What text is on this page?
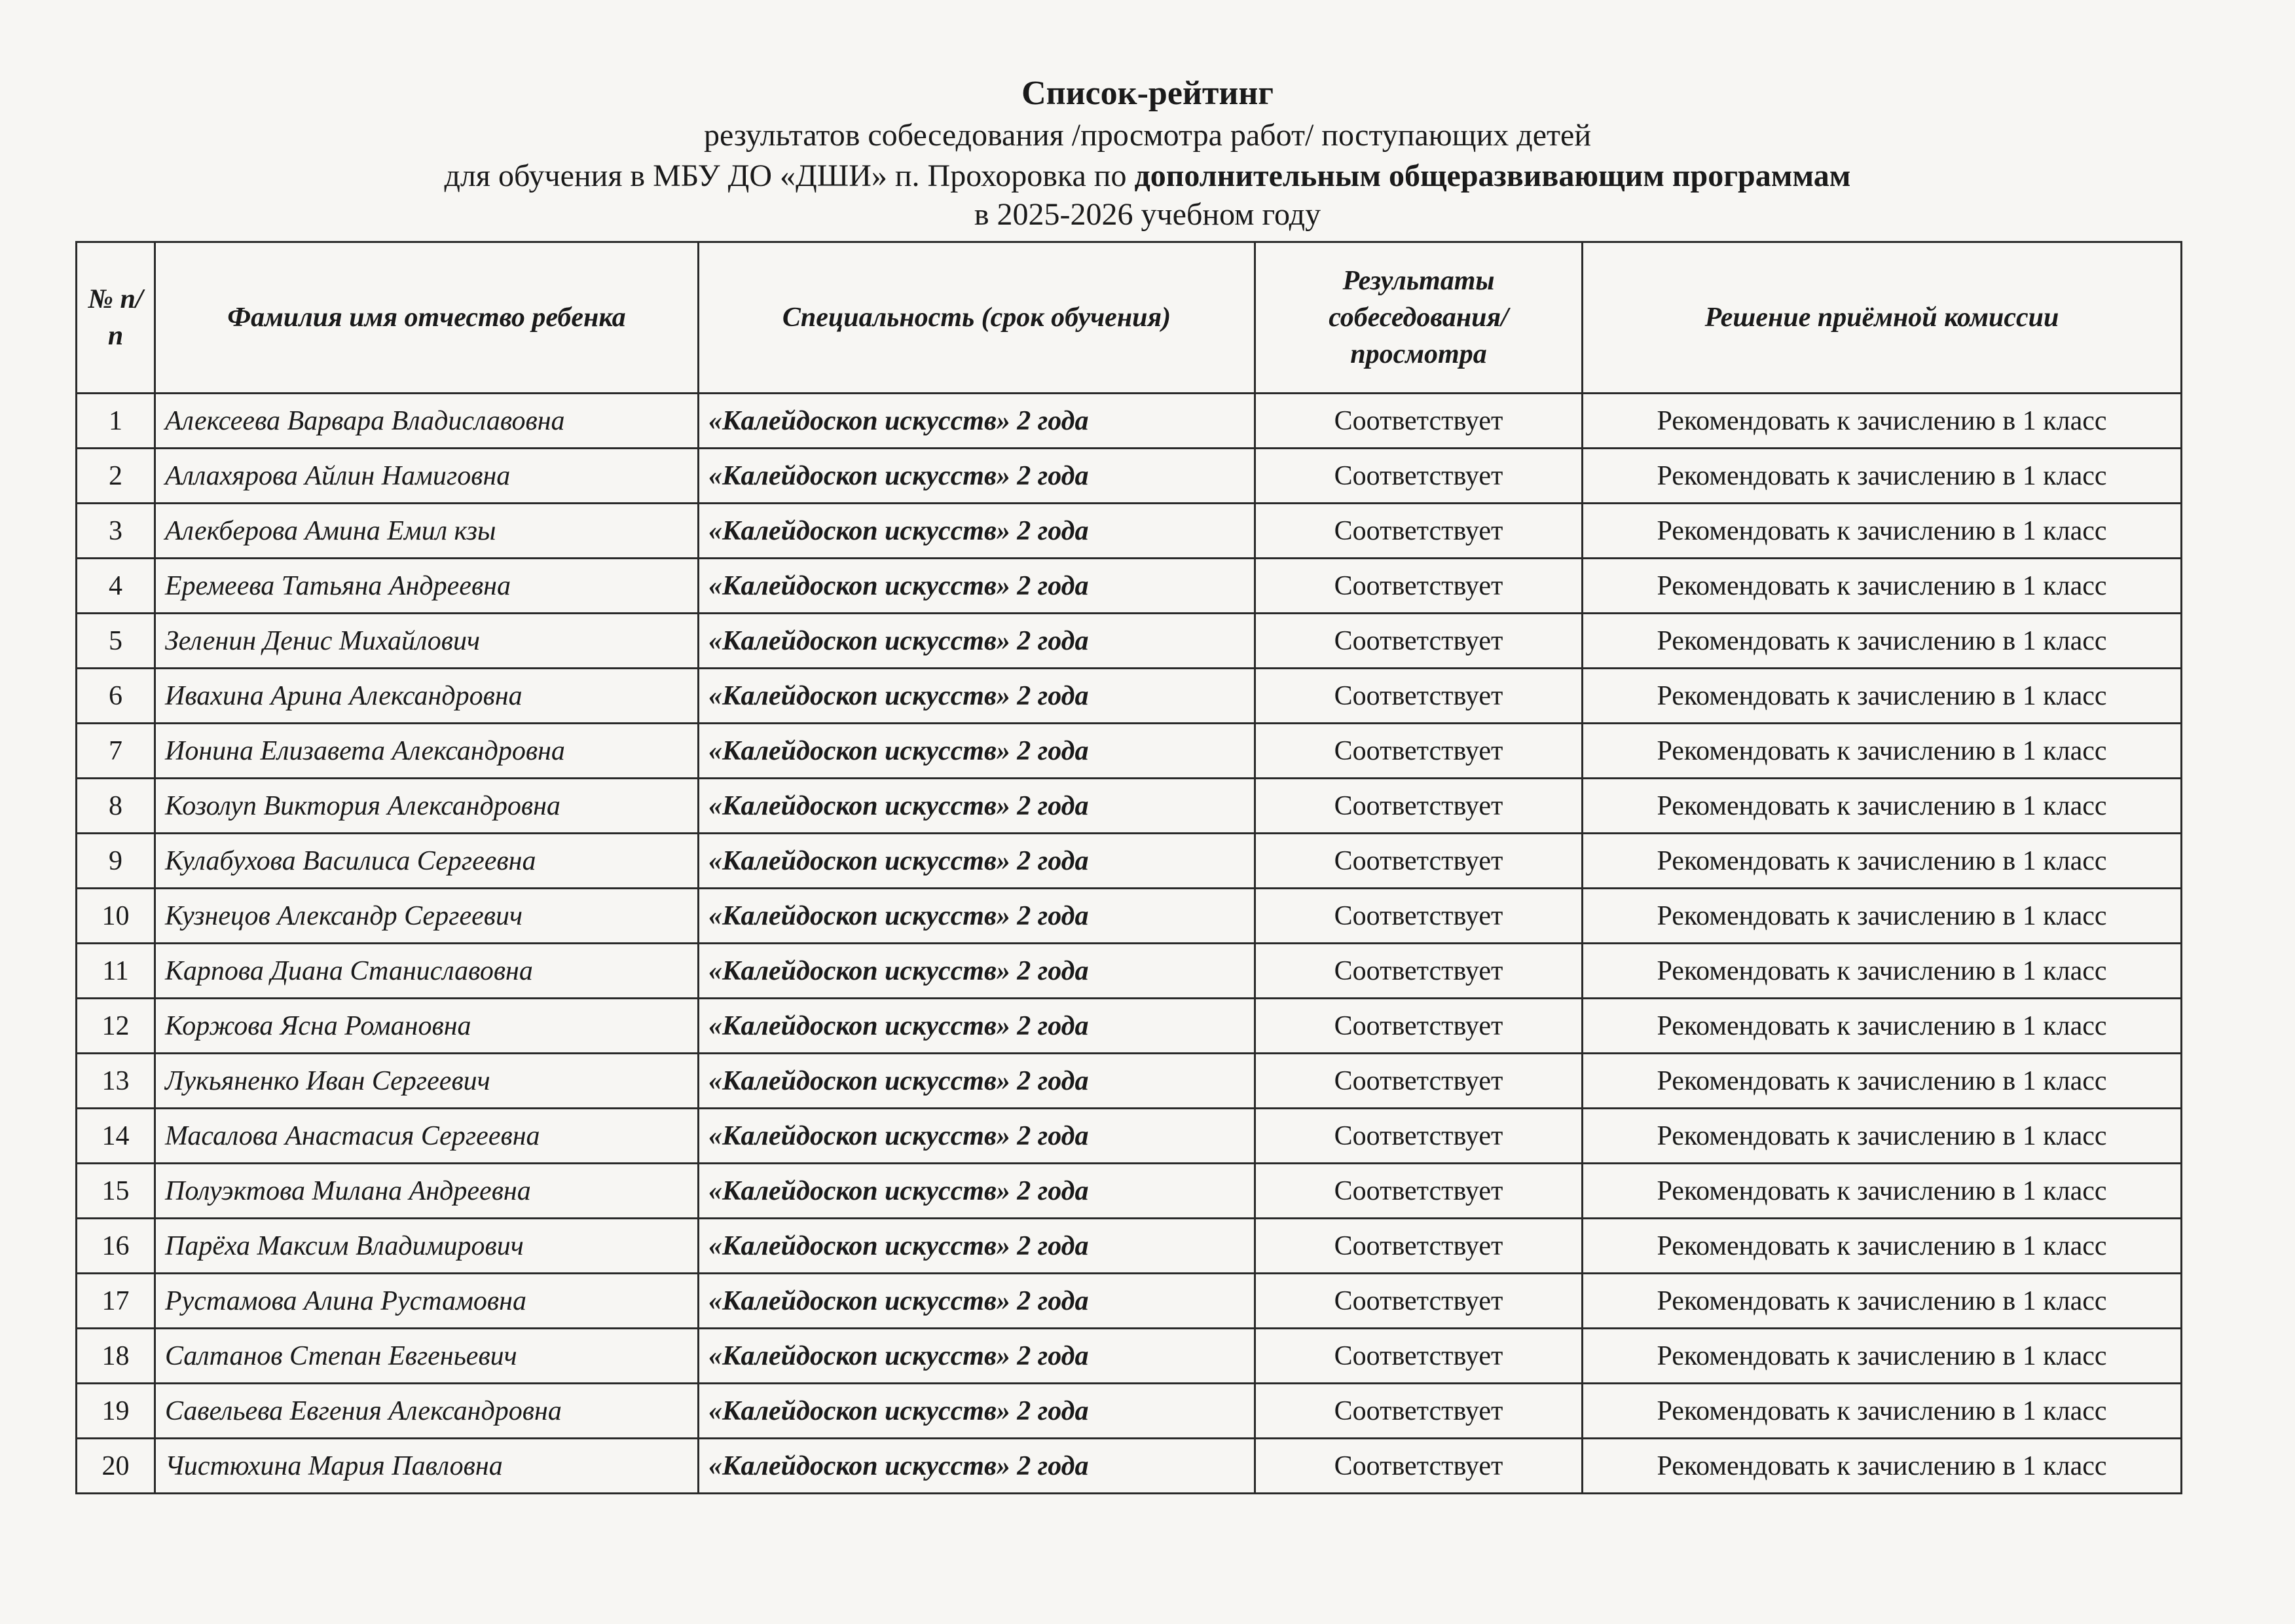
Список-рейтинг

результатов собеседования /просмотра работ/ поступающих детей

для обучения в МБУ ДО «ДШИ» п. Прохоровка по дополнительным общеразвивающим программам

в 2025-2026 учебном году

№ п/п	Фамилия имя отчество ребенка	Специальность (срок обучения)	Результаты собеседования/ просмотра	Решение приёмной комиссии
1	Алексеева Варвара Владиславовна	«Калейдоскоп искусств» 2 года	Соответствует	Рекомендовать к зачислению в 1 класс
2	Аллахярова Айлин Намиговна	«Калейдоскоп искусств» 2 года	Соответствует	Рекомендовать к зачислению в 1 класс
3	Алекберова Амина Емил кзы	«Калейдоскоп искусств» 2 года	Соответствует	Рекомендовать к зачислению в 1 класс
4	Еремеева Татьяна Андреевна	«Калейдоскоп искусств» 2 года	Соответствует	Рекомендовать к зачислению в 1 класс
5	Зеленин Денис Михайлович	«Калейдоскоп искусств» 2 года	Соответствует	Рекомендовать к зачислению в 1 класс
6	Ивахина Арина Александровна	«Калейдоскоп искусств» 2 года	Соответствует	Рекомендовать к зачислению в 1 класс
7	Ионина Елизавета Александровна	«Калейдоскоп искусств» 2 года	Соответствует	Рекомендовать к зачислению в 1 класс
8	Козолуп Виктория Александровна	«Калейдоскоп искусств» 2 года	Соответствует	Рекомендовать к зачислению в 1 класс
9	Кулабухова Василиса Сергеевна	«Калейдоскоп искусств» 2 года	Соответствует	Рекомендовать к зачислению в 1 класс
10	Кузнецов Александр Сергеевич	«Калейдоскоп искусств» 2 года	Соответствует	Рекомендовать к зачислению в 1 класс
11	Карпова Диана Станиславовна	«Калейдоскоп искусств» 2 года	Соответствует	Рекомендовать к зачислению в 1 класс
12	Коржова Ясна Романовна	«Калейдоскоп искусств» 2 года	Соответствует	Рекомендовать к зачислению в 1 класс
13	Лукьяненко Иван Сергеевич	«Калейдоскоп искусств» 2 года	Соответствует	Рекомендовать к зачислению в 1 класс
14	Масалова Анастасия Сергеевна	«Калейдоскоп искусств» 2 года	Соответствует	Рекомендовать к зачислению в 1 класс
15	Полуэктова Милана Андреевна	«Калейдоскоп искусств» 2 года	Соответствует	Рекомендовать к зачислению в 1 класс
16	Парёха Максим Владимирович	«Калейдоскоп искусств» 2 года	Соответствует	Рекомендовать к зачислению в 1 класс
17	Рустамова Алина Рустамовна	«Калейдоскоп искусств» 2 года	Соответствует	Рекомендовать к зачислению в 1 класс
18	Салтанов Степан Евгеньевич	«Калейдоскоп искусств» 2 года	Соответствует	Рекомендовать к зачислению в 1 класс
19	Савельева Евгения Александровна	«Калейдоскоп искусств» 2 года	Соответствует	Рекомендовать к зачислению в 1 класс
20	Чистюхина Мария Павловна	«Калейдоскоп искусств» 2 года	Соответствует	Рекомендовать к зачислению в 1 класс
